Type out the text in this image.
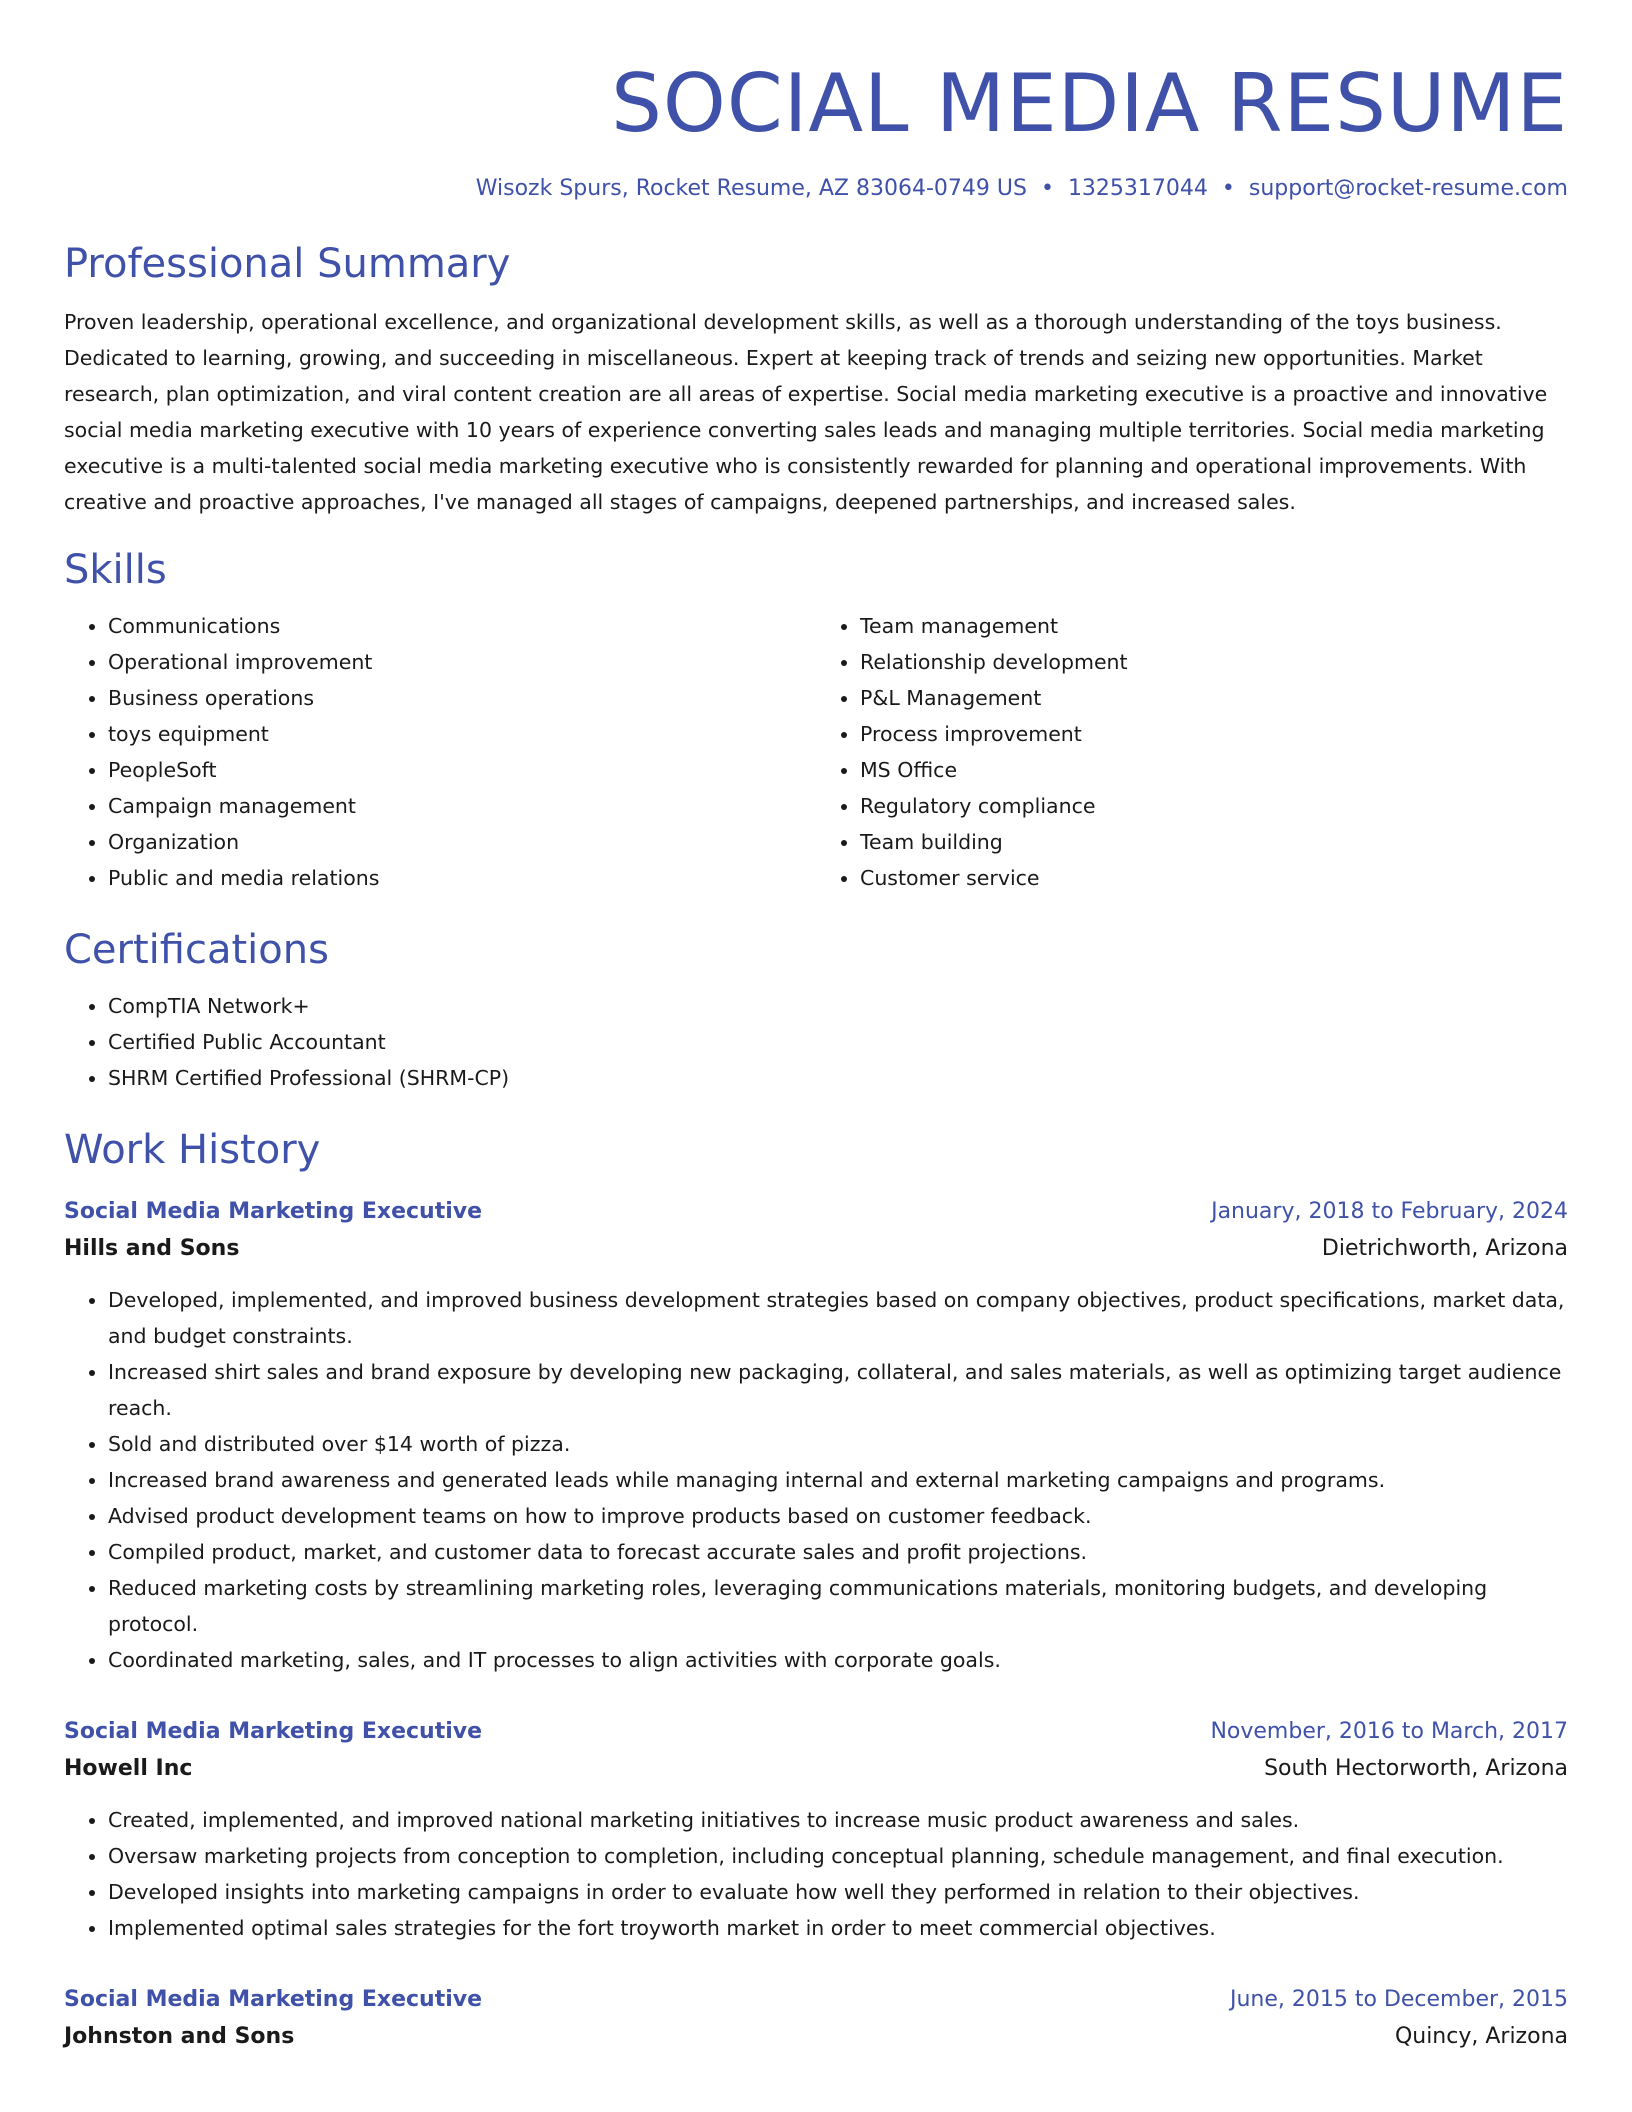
SOCIAL MEDIA RESUME
Wisozk Spurs, Rocket Resume, AZ 83064-0749 US • 1325317044 • support@rocket-resume.com
Professional Summary

Proven leadership, operational excellence, and organizational development skills, as well as a thorough understanding of the toys business. Dedicated to learning, growing, and succeeding in miscellaneous. Expert at keeping track of trends and seizing new opportunities. Market research, plan optimization, and viral content creation are all areas of expertise. Social media marketing executive is a proactive and innovative social media marketing executive with 10 years of experience converting sales leads and managing multiple territories. Social media marketing executive is a multi-talented social media marketing executive who is consistently rewarded for planning and operational improvements. With creative and proactive approaches, I've managed all stages of campaigns, deepened partnerships, and increased sales.

Skills
• Communications
• Operational improvement
• Business operations
• toys equipment
• PeopleSoft
• Campaign management
• Organization
• Public and media relations
• Team management
• Relationship development
• P&L Management
• Process improvement
• MS Office
• Regulatory compliance
• Team building
• Customer service
Certifications
• CompTIA Network+
• Certified Public Accountant
• SHRM Certified Professional (SHRM-CP)
Work History
Social Media Marketing Executive	January, 2018 to February, 2024
Hills and Sons	Dietrichworth, Arizona
• Developed, implemented, and improved business development strategies based on company objectives, product specifications, market data, and budget constraints.
• Increased shirt sales and brand exposure by developing new packaging, collateral, and sales materials, as well as optimizing target audience reach.
• Sold and distributed over $14 worth of pizza.
• Increased brand awareness and generated leads while managing internal and external marketing campaigns and programs.
• Advised product development teams on how to improve products based on customer feedback.
• Compiled product, market, and customer data to forecast accurate sales and profit projections.
• Reduced marketing costs by streamlining marketing roles, leveraging communications materials, monitoring budgets, and developing protocol.
• Coordinated marketing, sales, and IT processes to align activities with corporate goals.
Social Media Marketing Executive	November, 2016 to March, 2017
Howell Inc	South Hectorworth, Arizona
• Created, implemented, and improved national marketing initiatives to increase music product awareness and sales.
• Oversaw marketing projects from conception to completion, including conceptual planning, schedule management, and final execution.
• Developed insights into marketing campaigns in order to evaluate how well they performed in relation to their objectives.
• Implemented optimal sales strategies for the fort troyworth market in order to meet commercial objectives.
Social Media Marketing Executive	June, 2015 to December, 2015
Johnston and Sons	Quincy, Arizona
